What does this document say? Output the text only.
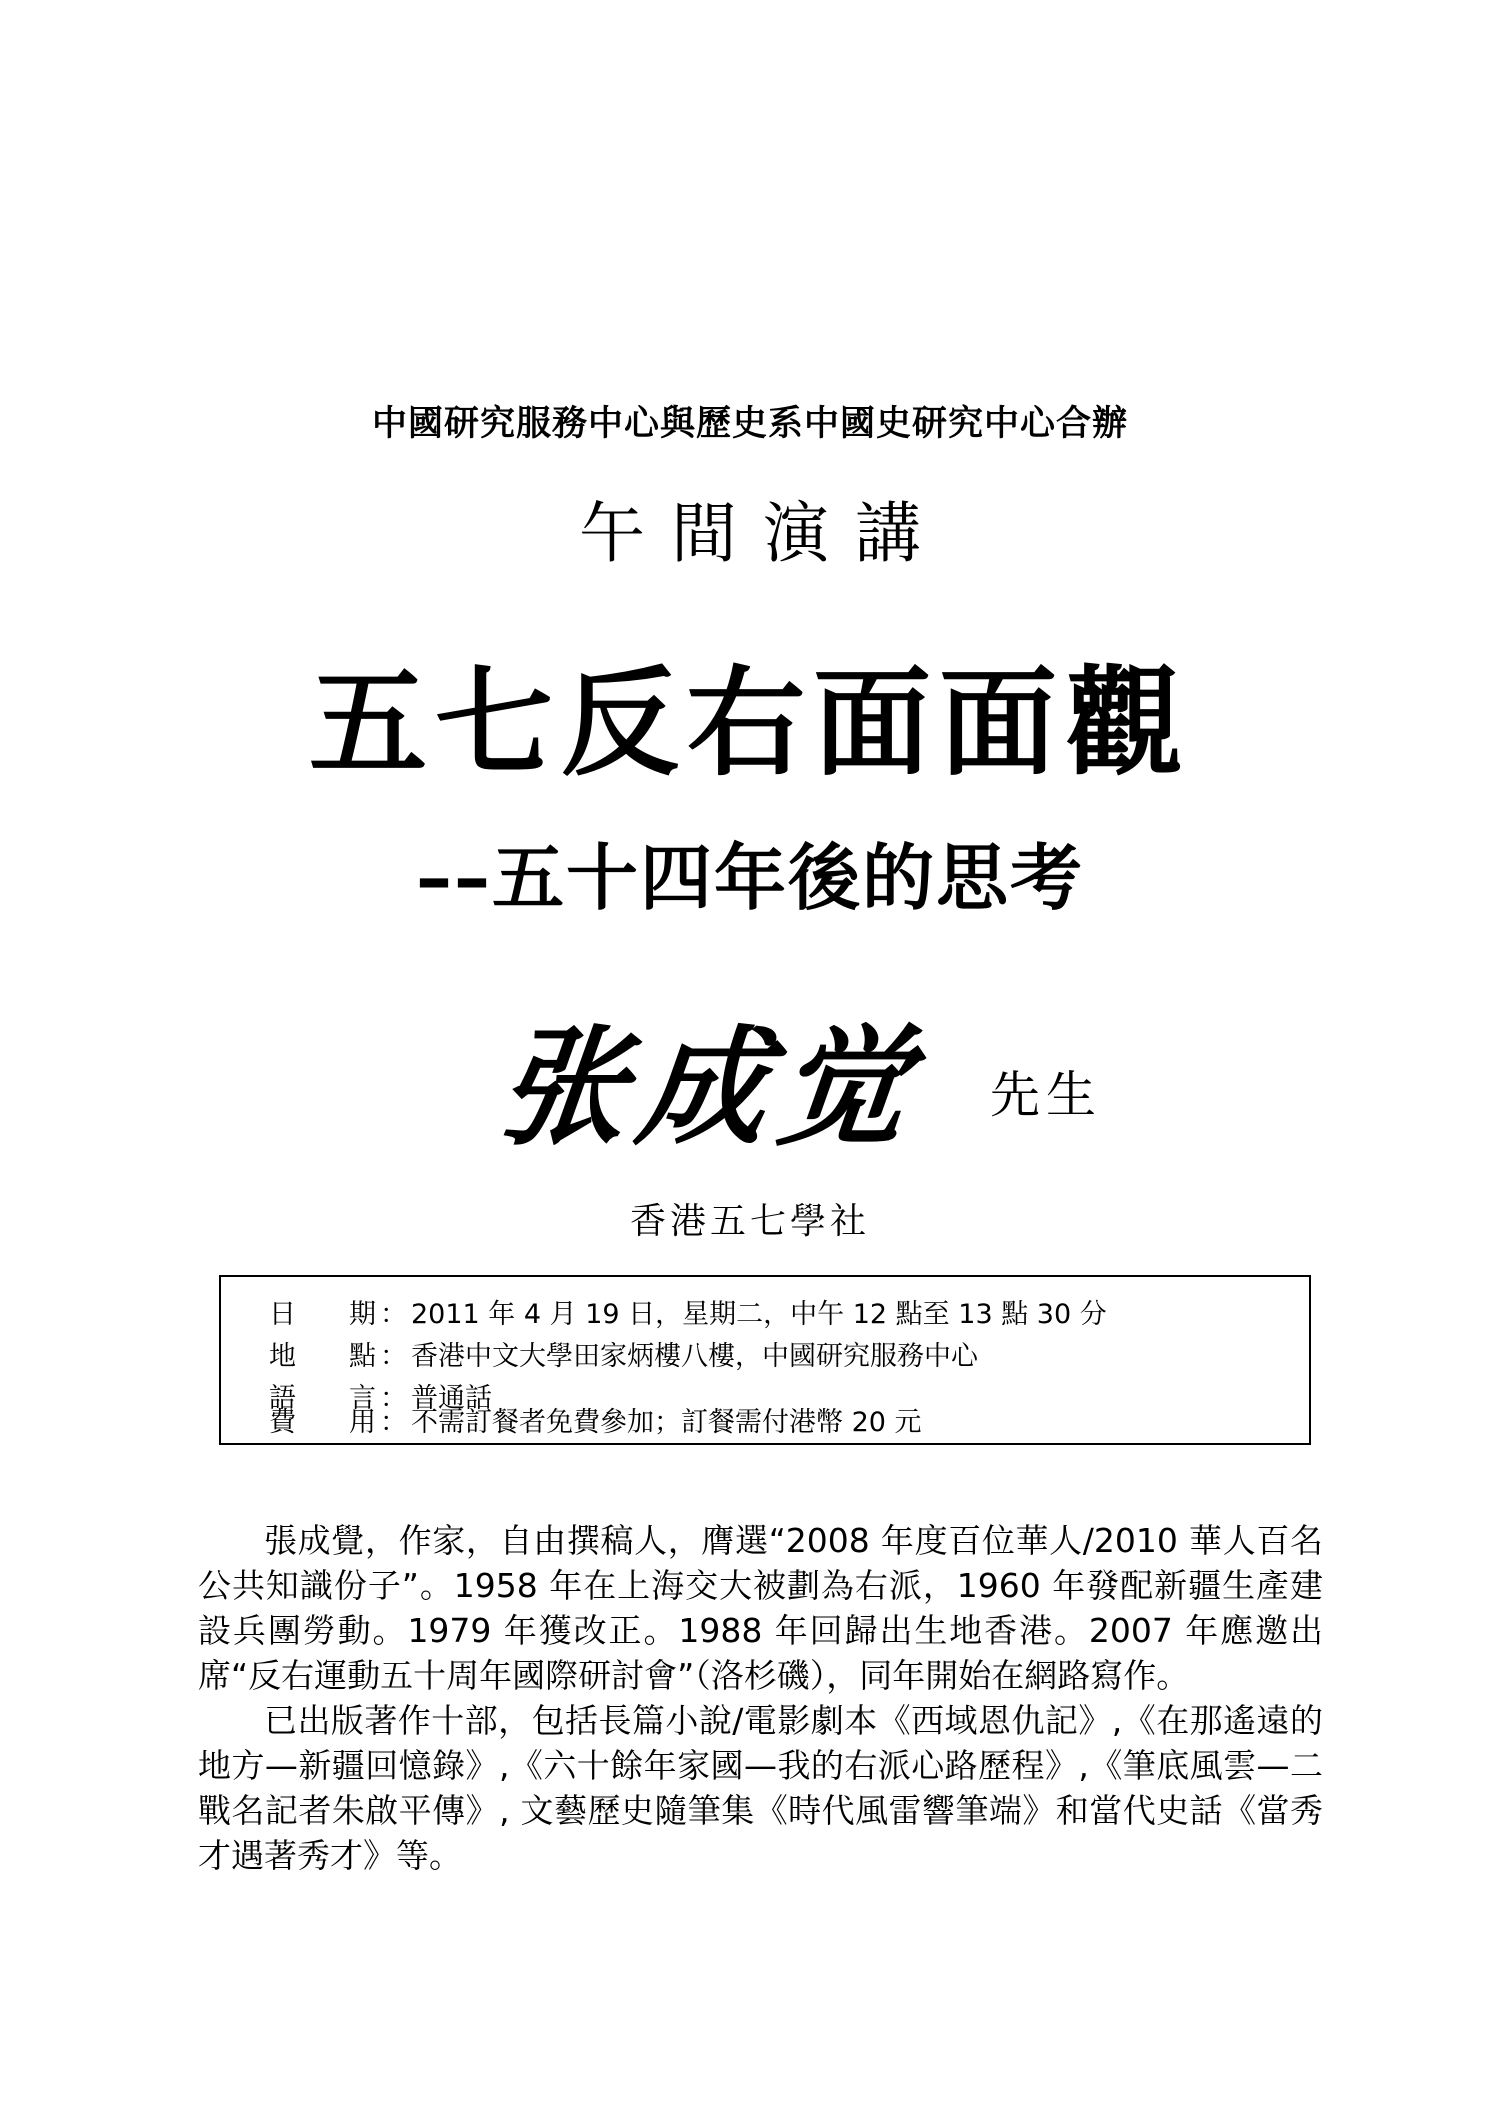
中國研究服務中心與歷史系中國史研究中心合辦
午間演講
五七反右面面觀
––五十四年後的思考
张成觉 先生
香港五七學社
日 期 ： 2011 年 4 月 19 日，星期二，中午 12 點至 13 點 30 分
地 點 ： 香港中文大學田家炳樓八樓，中國研究服務中心
語 言 ： 普通話
費 用 ： 不需訂餐者免費參加；訂餐需付港幣 20 元

張成覺，作家，自由撰稿人，膺選“2008 年度百位華人/2010 華人百名公共知識份子”。1958 年在上海交大被劃為右派，1960 年發配新疆生產建設兵團勞動。1979 年獲改正。1988 年回歸出生地香港。2007 年應邀出席“反右運動五十周年國際研討會”（洛杉磯），同年開始在網路寫作。

已出版著作十部，包括長篇小說/電影劇本《西域恩仇記》,《在那遙遠的地方—新疆回憶錄》,《六十餘年家國—我的右派心路歷程》,《筆底風雲—二戰名記者朱啟平傳》, 文藝歷史隨筆集《時代風雷響筆端》和當代史話《當秀才遇著秀才》等。
